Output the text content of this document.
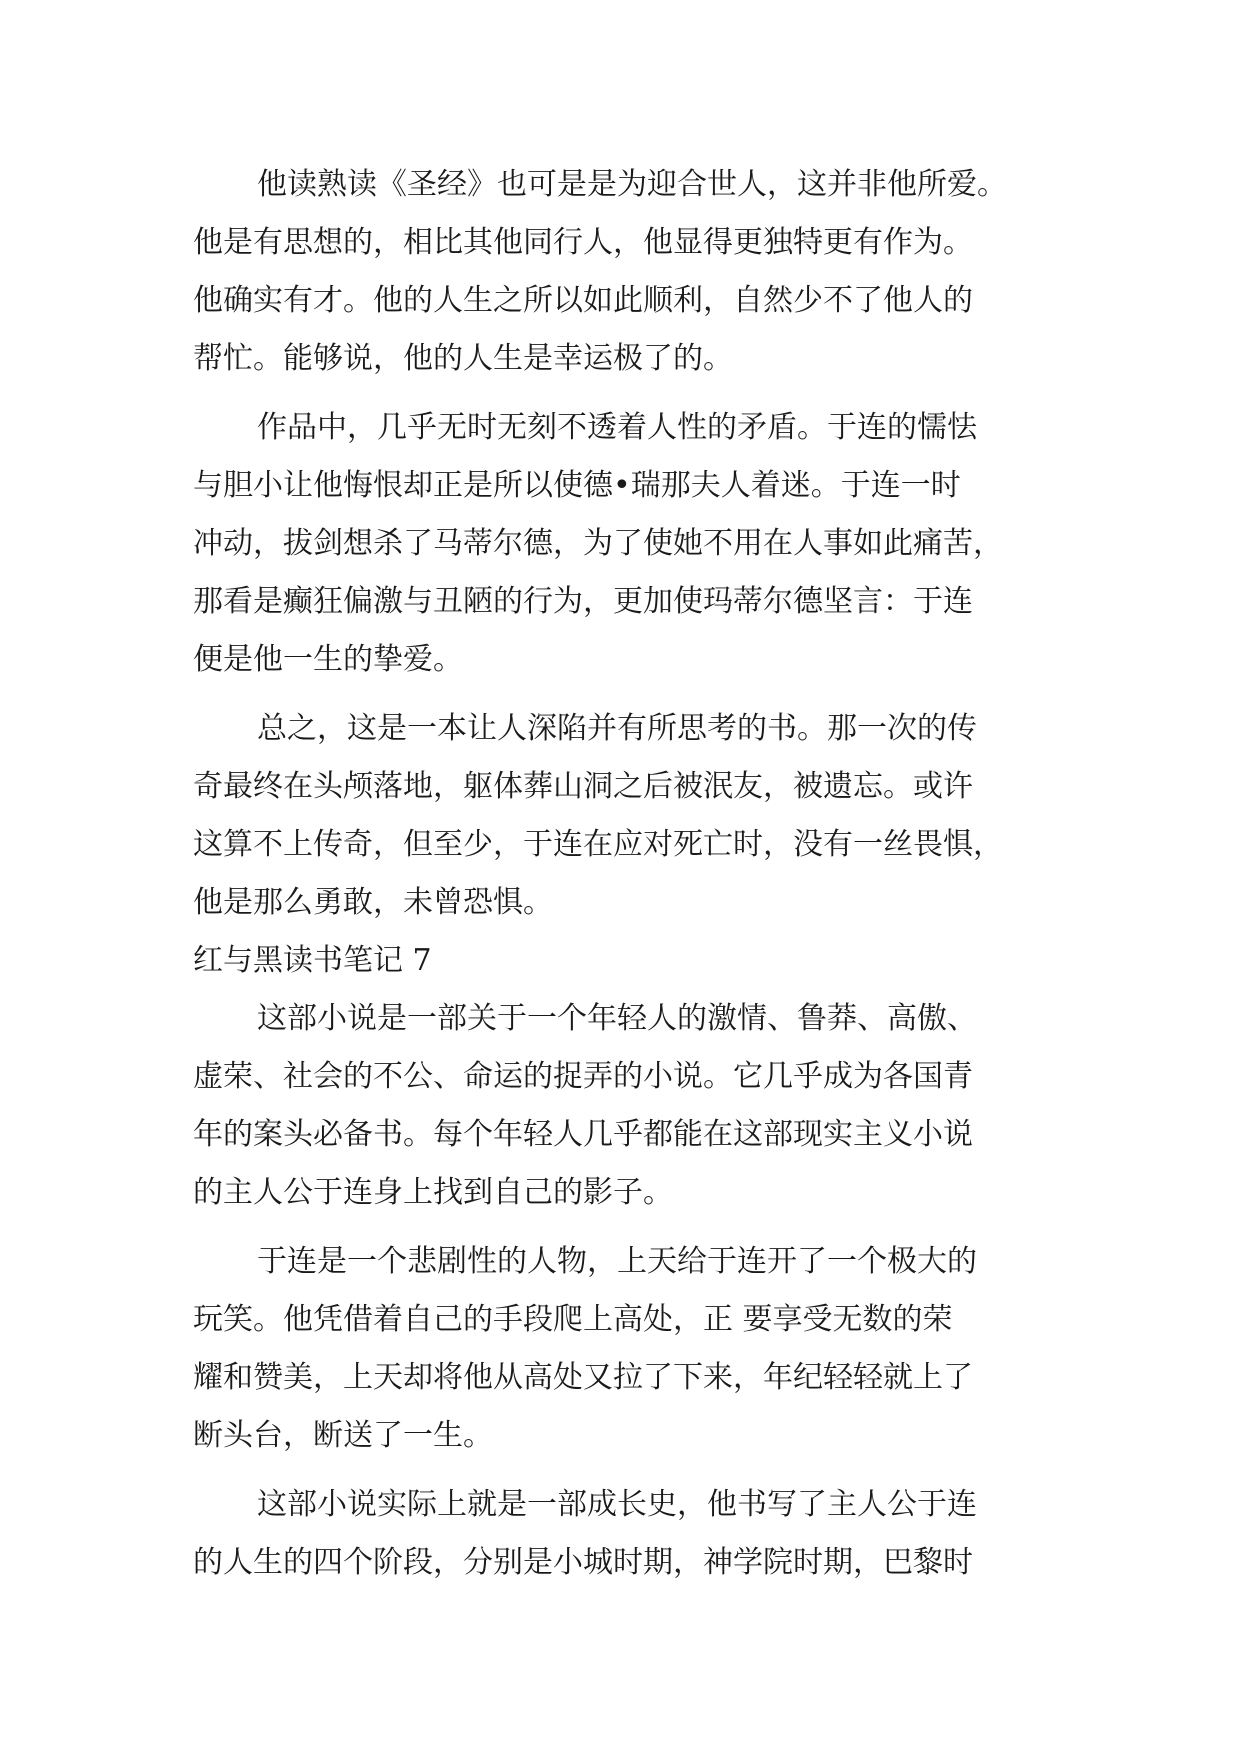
他读熟读《圣经》也可是是为迎合世人，这并非他所爱。
他是有思想的，相比其他同行人，他显得更独特更有作为。
他确实有才。他的人生之所以如此顺利，自然少不了他人的
帮忙。能够说，他的人生是幸运极了的。
作品中，几乎无时无刻不透着人性的矛盾。于连的懦怯
与胆小让他悔恨却正是所以使德•瑞那夫人着迷。于连一时
冲动，拔剑想杀了马蒂尔德，为了使她不用在人事如此痛苦，
那看是癫狂偏激与丑陋的行为，更加使玛蒂尔德坚言：于连
便是他一生的挚爱。
总之，这是一本让人深陷并有所思考的书。那一次的传
奇最终在头颅落地，躯体葬山洞之后被泯友，被遗忘。或许
这算不上传奇，但至少，于连在应对死亡时，没有一丝畏惧，
他是那么勇敢，未曾恐惧。
红与黑读书笔记 7
这部小说是一部关于一个年轻人的激情、鲁莽、高傲、
虚荣、社会的不公、命运的捉弄的小说。它几乎成为各国青
年的案头必备书。每个年轻人几乎都能在这部现实主义小说
的主人公于连身上找到自己的影子。
于连是一个悲剧性的人物，上天给于连开了一个极大的
玩笑。他凭借着自己的手段爬上高处，正 要享受无数的荣
耀和赞美，上天却将他从高处又拉了下来，年纪轻轻就上了
断头台，断送了一生。
这部小说实际上就是一部成长史，他书写了主人公于连
的人生的四个阶段，分别是小城时期，神学院时期，巴黎时
